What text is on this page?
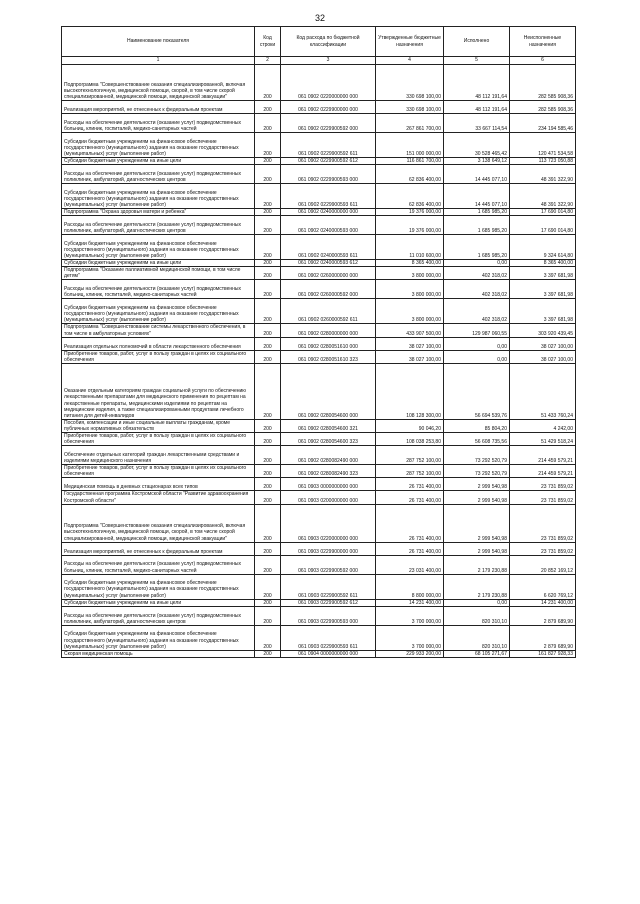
32
Наименование показателя	Код строки	Код расхода по бюджетной классификации	Утвержденные бюджетные назначения	Исполнено	Неисполненные назначения
1	2	3	4	5	6
Подпрограмма "Совершенствование оказания специализированной, включая высокотехнологичную, медицинской помощи, скорой, в том числе скорой специализированной, медицинской помощи, медицинской эвакуации"	200	061 0902 0220000000 000	330 698 100,00	48 112 191,64	282 585 908,36
Реализация мероприятий, не отнесенных к федеральным проектам	200	061 0902 0229900000 000	330 698 100,00	48 112 191,64	282 585 908,36
Расходы на обеспечение деятельности (оказание услуг) подведомственных больниц, клиник, госпиталей, медико-санитарных частей	200	061 0902 0229900592 000	267 861 700,00	33 667 114,54	234 194 585,46
Субсидии бюджетным учреждениям на финансовое обеспечение государственного (муниципального) задания на оказание государственных (муниципальных) услуг (выполнение работ)	200	061 0902 0229900592 611	151 000 000,00	30 528 465,42	120 471 534,58
Субсидии бюджетным учреждениям на иные цели	200	061 0902 0229900592 612	116 861 700,00	3 138 649,12	113 723 050,88
Расходы на обеспечение деятельности (оказание услуг) подведомственных поликлиник, амбулаторий, диагностических центров	200	061 0902 0229900593 000	62 836 400,00	14 445 077,10	48 391 322,90
Субсидии бюджетным учреждениям на финансовое обеспечение государственного (муниципального) задания на оказание государственных (муниципальных) услуг (выполнение работ)	200	061 0902 0229900593 611	62 836 400,00	14 445 077,10	48 391 322,90
Подпрограмма "Охрана здоровья матери и ребенка"	200	061 0902 0240000000 000	19 376 000,00	1 685 985,20	17 690 014,80
Расходы на обеспечение деятельности (оказание услуг) подведомственных поликлиник, амбулаторий, диагностических центров	200	061 0902 0240000593 000	19 376 000,00	1 685 985,20	17 690 014,80
Субсидии бюджетным учреждениям на финансовое обеспечение государственного (муниципального) задания на оказание государственных (муниципальных) услуг (выполнение работ)	200	061 0902 0240000593 611	11 010 600,00	1 685 985,20	9 324 614,80
Субсидии бюджетным учреждениям на иные цели	200	061 0902 0240000593 612	8 365 400,00	0,00	8 365 400,00
Подпрограмма "Оказание паллиативной медицинской помощи, в том числе детям"	200	061 0902 0260000000 000	3 800 000,00	402 318,02	3 397 681,98
Расходы на обеспечение деятельности (оказание услуг) подведомственных больниц, клиник, госпиталей, медико-санитарных частей	200	061 0902 0260000592 000	3 800 000,00	402 318,02	3 397 681,98
Субсидии бюджетным учреждениям на финансовое обеспечение государственного (муниципального) задания на оказание государственных (муниципальных) услуг (выполнение работ)	200	061 0902 0260000592 611	3 800 000,00	402 318,02	3 397 681,98
Подпрограмма "Совершенствование системы лекарственного обеспечения, в том числе в амбулаторных условиях"	200	061 0902 0280000000 000	433 907 500,00	129 987 060,55	303 920 439,45
Реализация отдельных полномочий в области лекарственного обеспечения	200	061 0902 0280051610 000	38 027 100,00	0,00	38 027 100,00
Приобретение товаров, работ, услуг в пользу граждан в целях их социального обеспечения	200	061 0902 0280051610 323	38 027 100,00	0,00	38 027 100,00
Оказание отдельным категориям граждан социальной услуги по обеспечению лекарственными препаратами для медицинского применения по рецептам на лекарственные препараты, медицинскими изделиями по рецептам на медицинские изделия, а также специализированными продуктами лечебного питания для детей-инвалидов	200	061 0902 0280054600 000	108 128 300,00	56 694 539,76	51 433 760,24
Пособия, компенсации и иные социальные выплаты гражданам, кроме публичных нормативных обязательств	200	061 0902 0280054600 321	90 046,20	85 804,20	4 242,00
Приобретение товаров, работ, услуг в пользу граждан в целях их социального обеспечения	200	061 0902 0280054600 323	108 038 253,80	56 608 735,56	51 429 518,24
Обеспечение отдельных категорий граждан лекарственными средствами и изделиями медицинского назначения	200	061 0902 0280082490 000	287 752 100,00	73 292 520,79	214 459 579,21
Приобретение товаров, работ, услуг в пользу граждан в целях их социального обеспечения	200	061 0902 0280082490 323	287 752 100,00	73 292 520,79	214 459 579,21
Медицинская помощь в дневных стационарах всех типов	200	061 0903 0000000000 000	26 731 400,00	2 999 540,98	23 731 859,02
Государственная программа Костромской области "Развитие здравоохранения Костромской области"	200	061 0903 0200000000 000	26 731 400,00	2 999 540,98	23 731 859,02
Подпрограмма "Совершенствование оказания специализированной, включая высокотехнологичную, медицинской помощи, скорой, в том числе скорой специализированной, медицинской помощи, медицинской эвакуации"	200	061 0903 0220000000 000	26 731 400,00	2 999 540,98	23 731 859,02
Реализация мероприятий, не отнесенных к федеральным проектам	200	061 0903 0229900000 000	26 731 400,00	2 999 540,98	23 731 859,02
Расходы на обеспечение деятельности (оказание услуг) подведомственных больниц, клиник, госпиталей, медико-санитарных частей	200	061 0903 0229900592 000	23 031 400,00	2 179 230,88	20 852 169,12
Субсидии бюджетным учреждениям на финансовое обеспечение государственного (муниципального) задания на оказание государственных (муниципальных) услуг (выполнение работ)	200	061 0903 0229900592 611	8 800 000,00	2 179 230,88	6 620 769,12
Субсидии бюджетным учреждениям на иные цели	200	061 0903 0229900592 612	14 231 400,00	0,00	14 231 400,00
Расходы на обеспечение деятельности (оказание услуг) подведомственных поликлиник, амбулаторий, диагностических центров	200	061 0903 0229900593 000	3 700 000,00	820 310,10	2 879 689,90
Субсидии бюджетным учреждениям на финансовое обеспечение государственного (муниципального) задания на оказание государственных (муниципальных) услуг (выполнение работ)	200	061 0903 0229900593 611	3 700 000,00	820 310,10	2 879 689,90
Скорая медицинская помощь	200	061 0904 0000000000 000	229 933 200,00	68 105 271,67	161 827 928,33
